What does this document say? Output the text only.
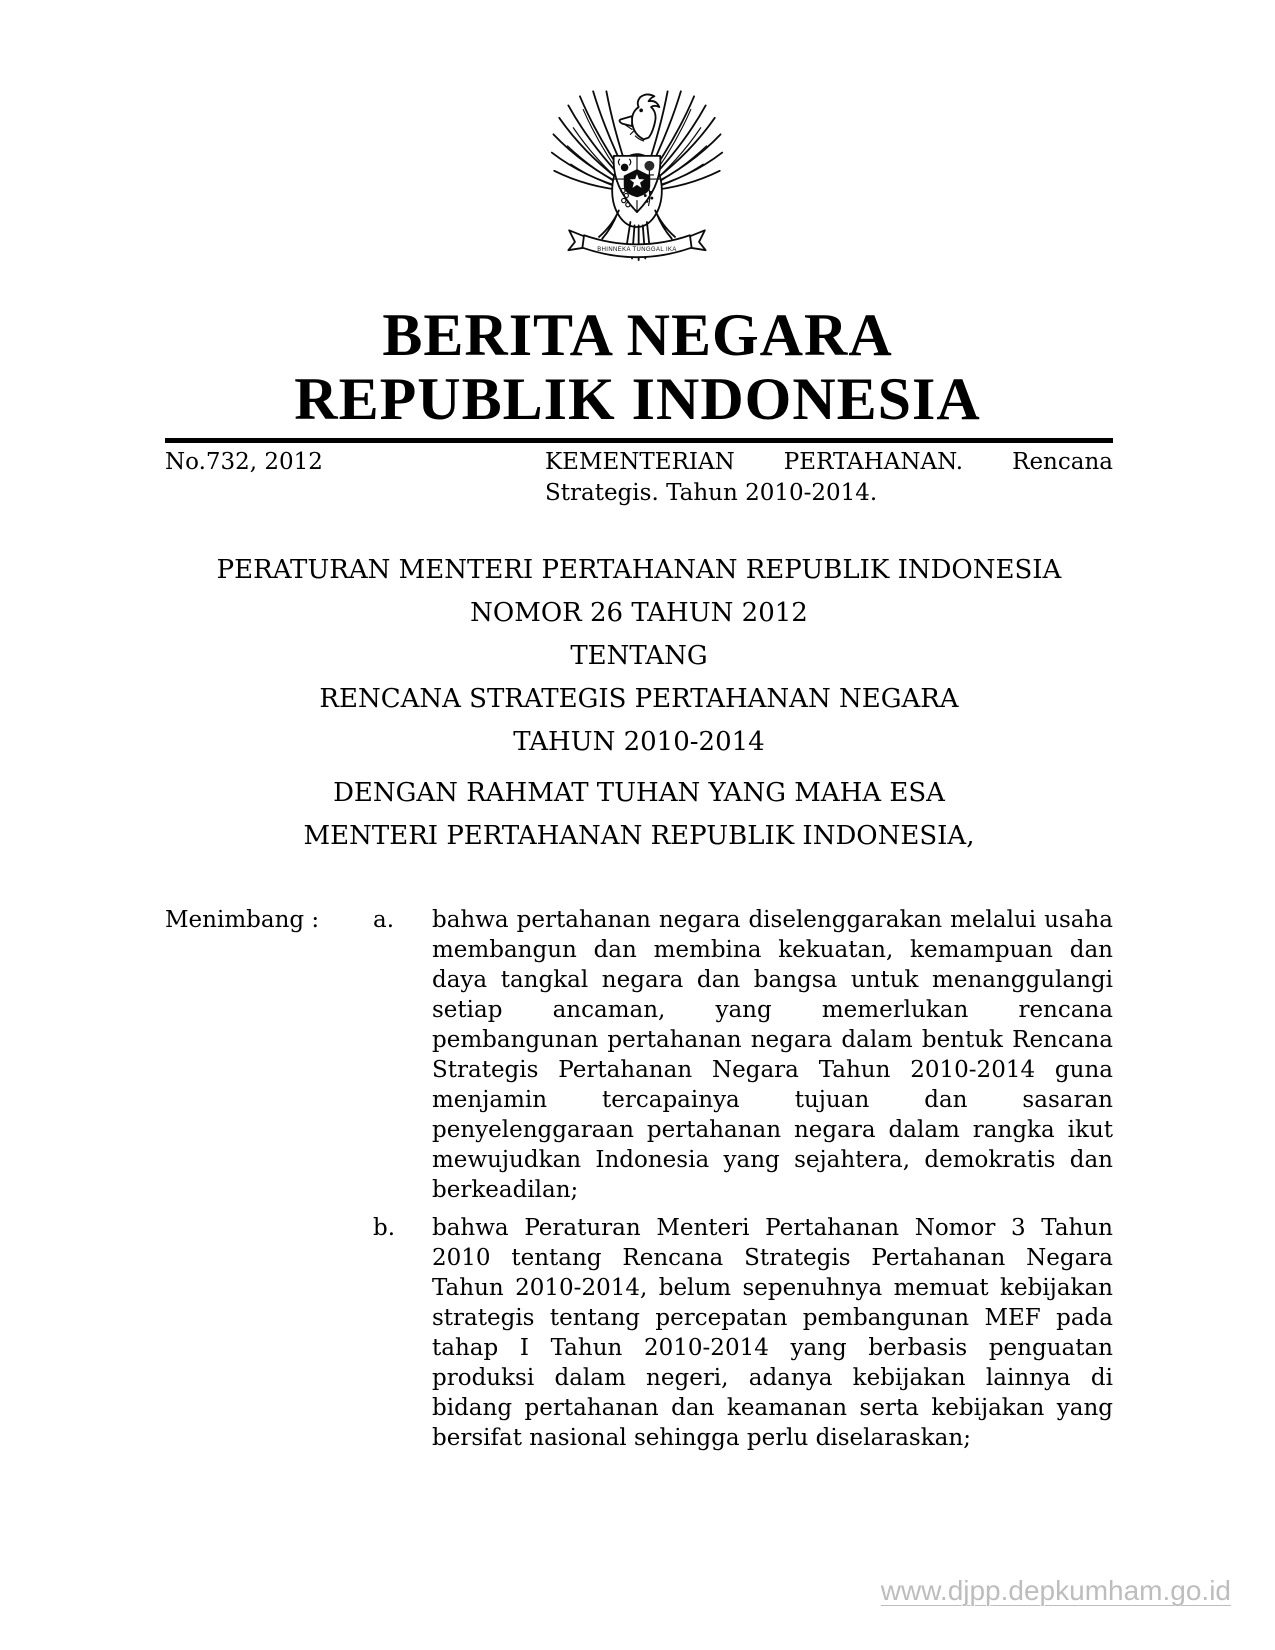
BHINNEKA TUNGGAL IKA
BERITA NEGARA
REPUBLIK INDONESIA
No.732, 2012	KEMENTERIAN PERTAHANAN. Rencana Strategis. Tahun 2010-2014.
PERATURAN MENTERI PERTAHANAN REPUBLIK INDONESIA
NOMOR 26 TAHUN 2012
TENTANG
RENCANA STRATEGIS PERTAHANAN NEGARA
TAHUN 2010-2014
DENGAN RAHMAT TUHAN YANG MAHA ESA
MENTERI PERTAHANAN REPUBLIK INDONESIA,
Menimbang :	a.	bahwa pertahanan negara diselenggarakan melalui usaha membangun dan membina kekuatan, kemampuan dan daya tangkal negara dan bangsa untuk menanggulangi setiap ancaman, yang memerlukan rencana pembangunan pertahanan negara dalam bentuk Rencana Strategis Pertahanan Negara Tahun 2010-2014 guna menjamin tercapainya tujuan dan sasaran penyelenggaraan pertahanan negara dalam rangka ikut mewujudkan Indonesia yang sejahtera, demokratis dan berkeadilan;
b.	bahwa Peraturan Menteri Pertahanan Nomor 3 Tahun 2010 tentang Rencana Strategis Pertahanan Negara Tahun 2010-2014, belum sepenuhnya memuat kebijakan strategis tentang percepatan pembangunan MEF pada tahap I Tahun 2010-2014 yang berbasis penguatan produksi dalam negeri, adanya kebijakan lainnya di bidang pertahanan dan keamanan serta kebijakan yang bersifat nasional sehingga perlu diselaraskan;
www.djpp.depkumham.go.id
